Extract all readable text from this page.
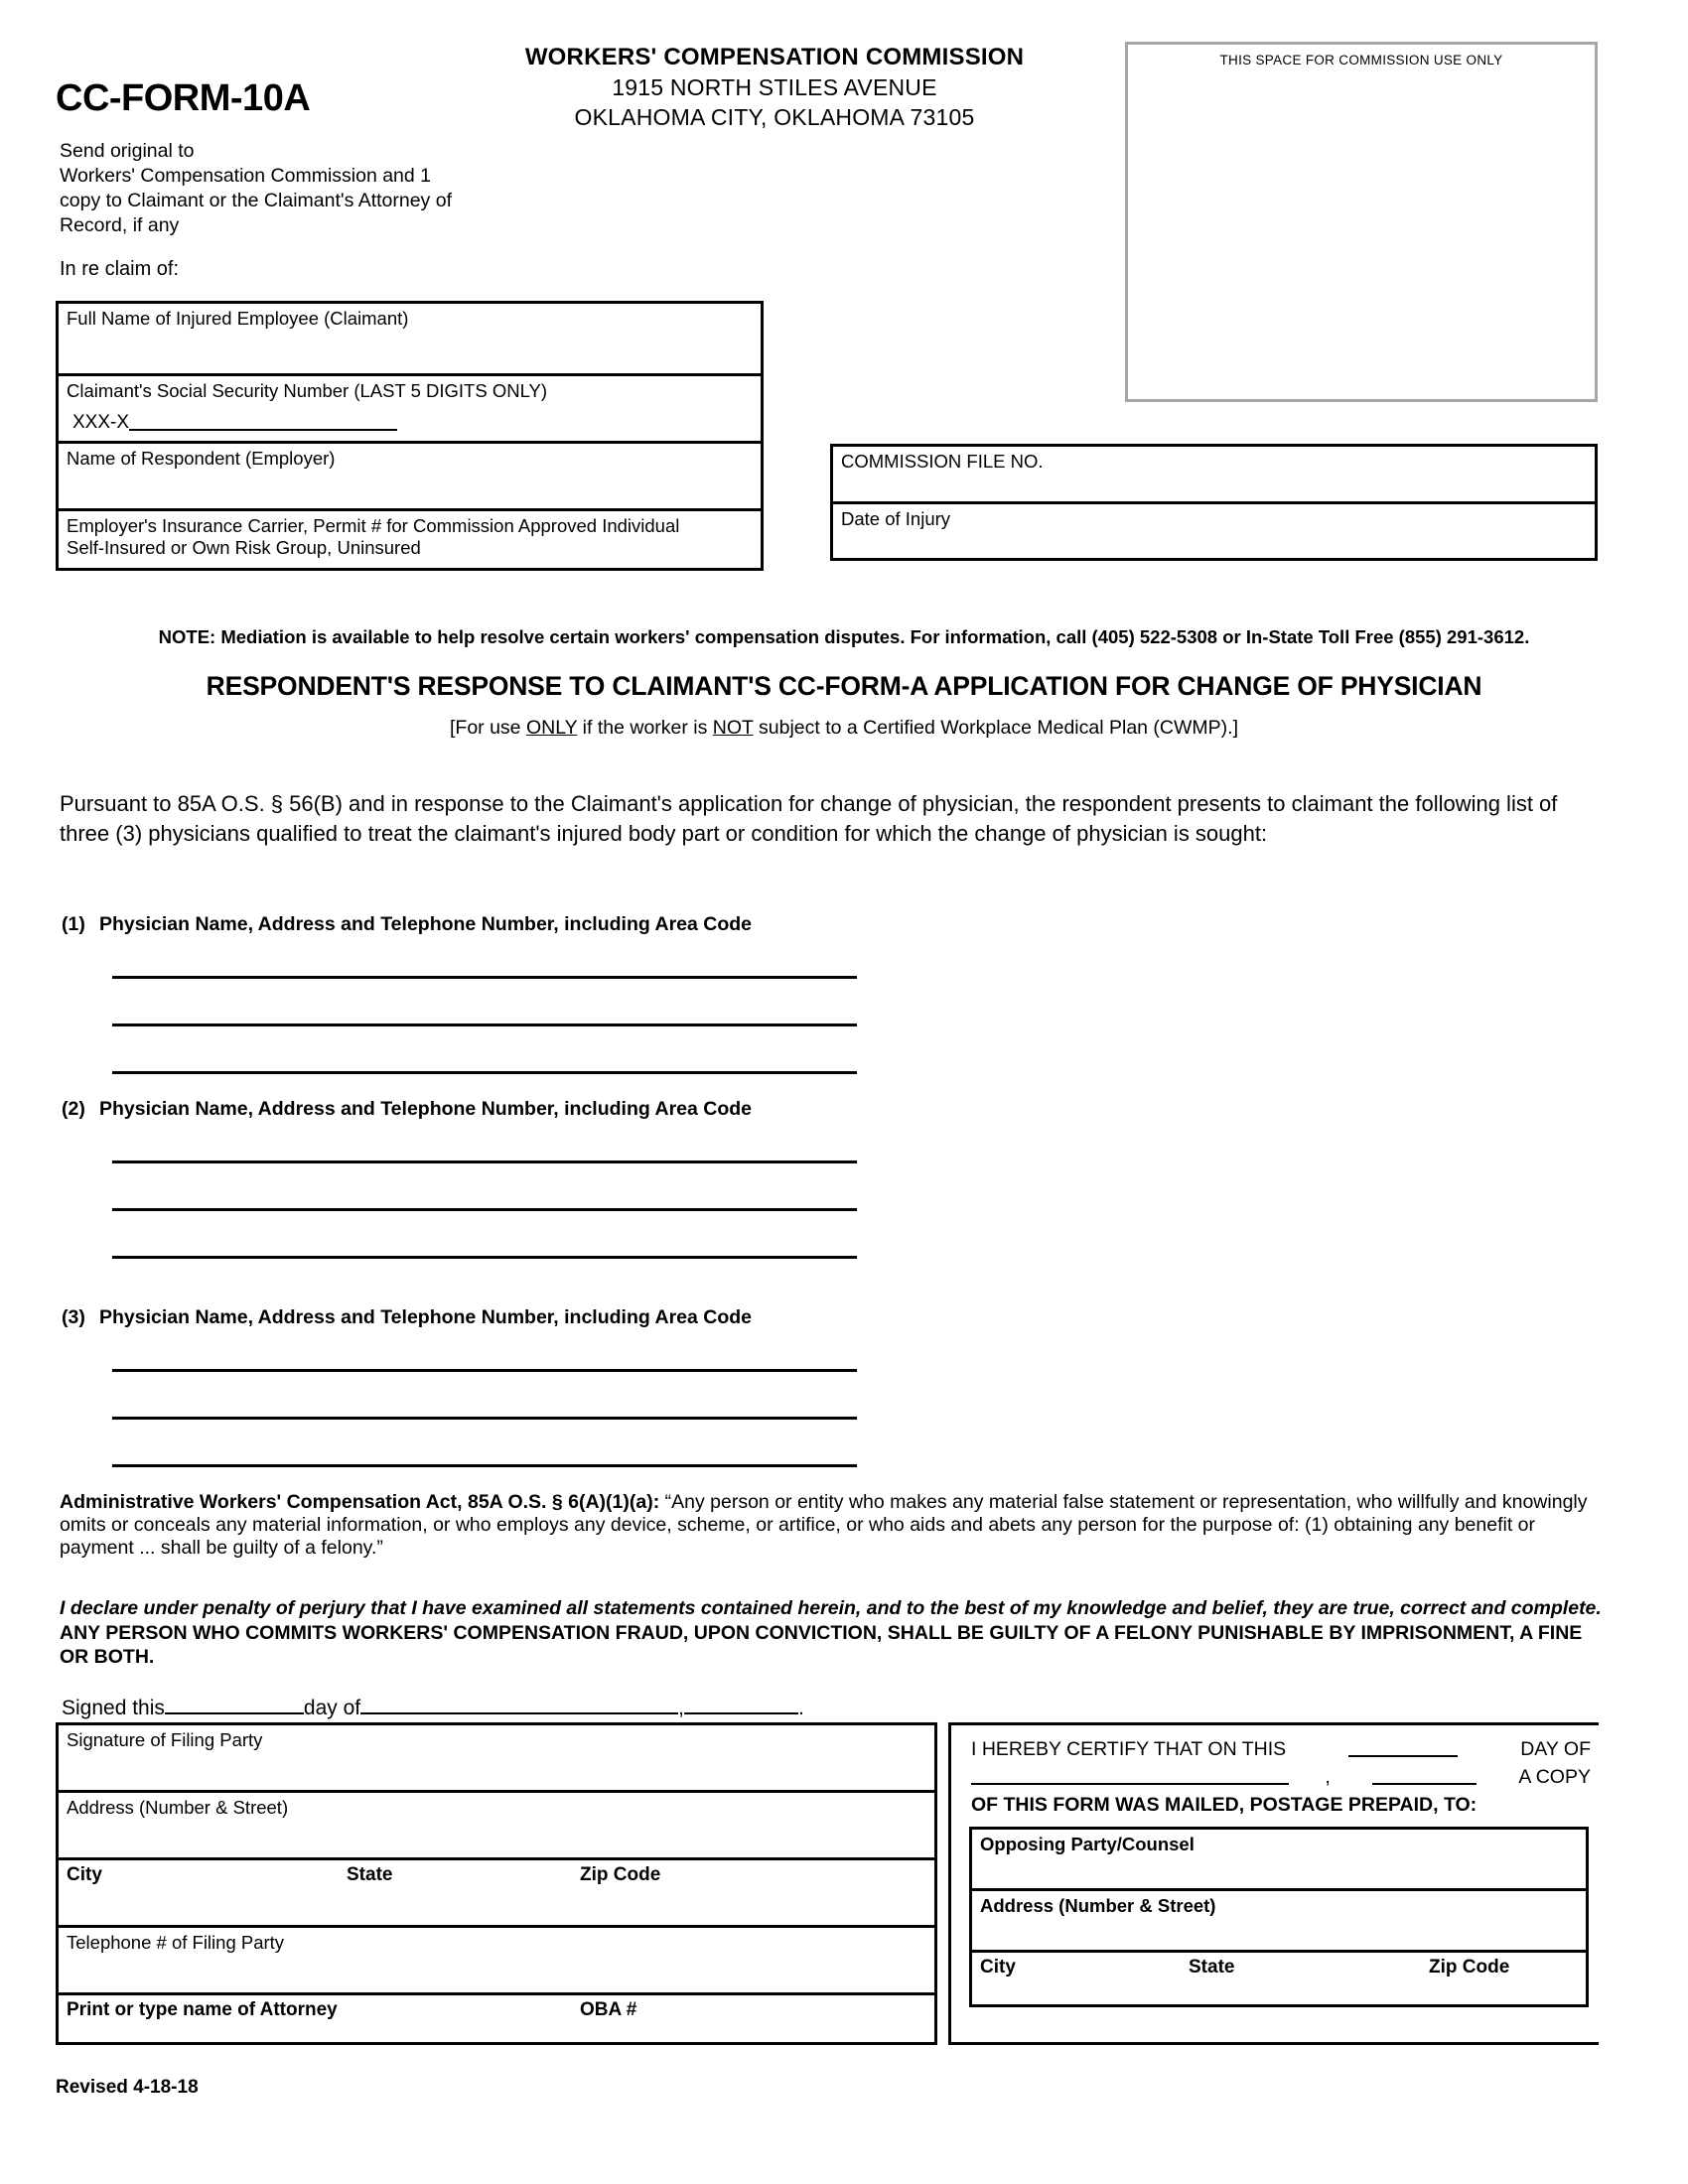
CC-FORM-10A
Send original to
Workers' Compensation Commission and 1
copy to Claimant or the Claimant's Attorney of
Record, if any
WORKERS' COMPENSATION COMMISSION
1915 NORTH STILES AVENUE
OKLAHOMA CITY, OKLAHOMA 73105
THIS SPACE FOR COMMISSION USE ONLY
In re claim of:
Full Name of Injured Employee (Claimant)
Claimant's Social Security Number (LAST 5 DIGITS ONLY)
XXX-X
Name of Respondent (Employer)
Employer's Insurance Carrier, Permit # for Commission Approved Individual
Self-Insured or Own Risk Group, Uninsured
COMMISSION FILE NO.
Date of Injury
NOTE: Mediation is available to help resolve certain workers' compensation disputes. For information, call (405) 522-5308 or In-State Toll Free (855) 291-3612.
RESPONDENT'S RESPONSE TO CLAIMANT'S CC-FORM-A APPLICATION FOR CHANGE OF PHYSICIAN
[For use ONLY if the worker is NOT subject to a Certified Workplace Medical Plan (CWMP).]
Pursuant to 85A O.S. § 56(B) and in response to the Claimant's application for change of physician, the respondent presents to claimant the following list of three (3) physicians qualified to treat the claimant's injured body part or condition for which the change of physician is sought:
(1) Physician Name, Address and Telephone Number, including Area Code
(2) Physician Name, Address and Telephone Number, including Area Code
(3) Physician Name, Address and Telephone Number, including Area Code
Administrative Workers' Compensation Act, 85A O.S. § 6(A)(1)(a): “Any person or entity who makes any material false statement or representation, who willfully and knowingly omits or conceals any material information, or who employs any device, scheme, or artifice, or who aids and abets any person for the purpose of: (1) obtaining any benefit or payment ... shall be guilty of a felony.”
I declare under penalty of perjury that I have examined all statements contained herein, and to the best of my knowledge and belief, they are true, correct and complete. ANY PERSON WHO COMMITS WORKERS' COMPENSATION FRAUD, UPON CONVICTION, SHALL BE GUILTY OF A FELONY PUNISHABLE BY IMPRISONMENT, A FINE OR BOTH.
Signed this	day of	,	.
Signature of Filing Party
Address (Number & Street)
City	State	Zip Code
Telephone # of Filing Party
Print or type name of Attorney	OBA #
I HEREBY CERTIFY THAT ON THIS	DAY OF
,	A COPY
OF THIS FORM WAS MAILED, POSTAGE PREPAID, TO:
Opposing Party/Counsel
Address (Number & Street)
City	State	Zip Code
Revised 4-18-18
